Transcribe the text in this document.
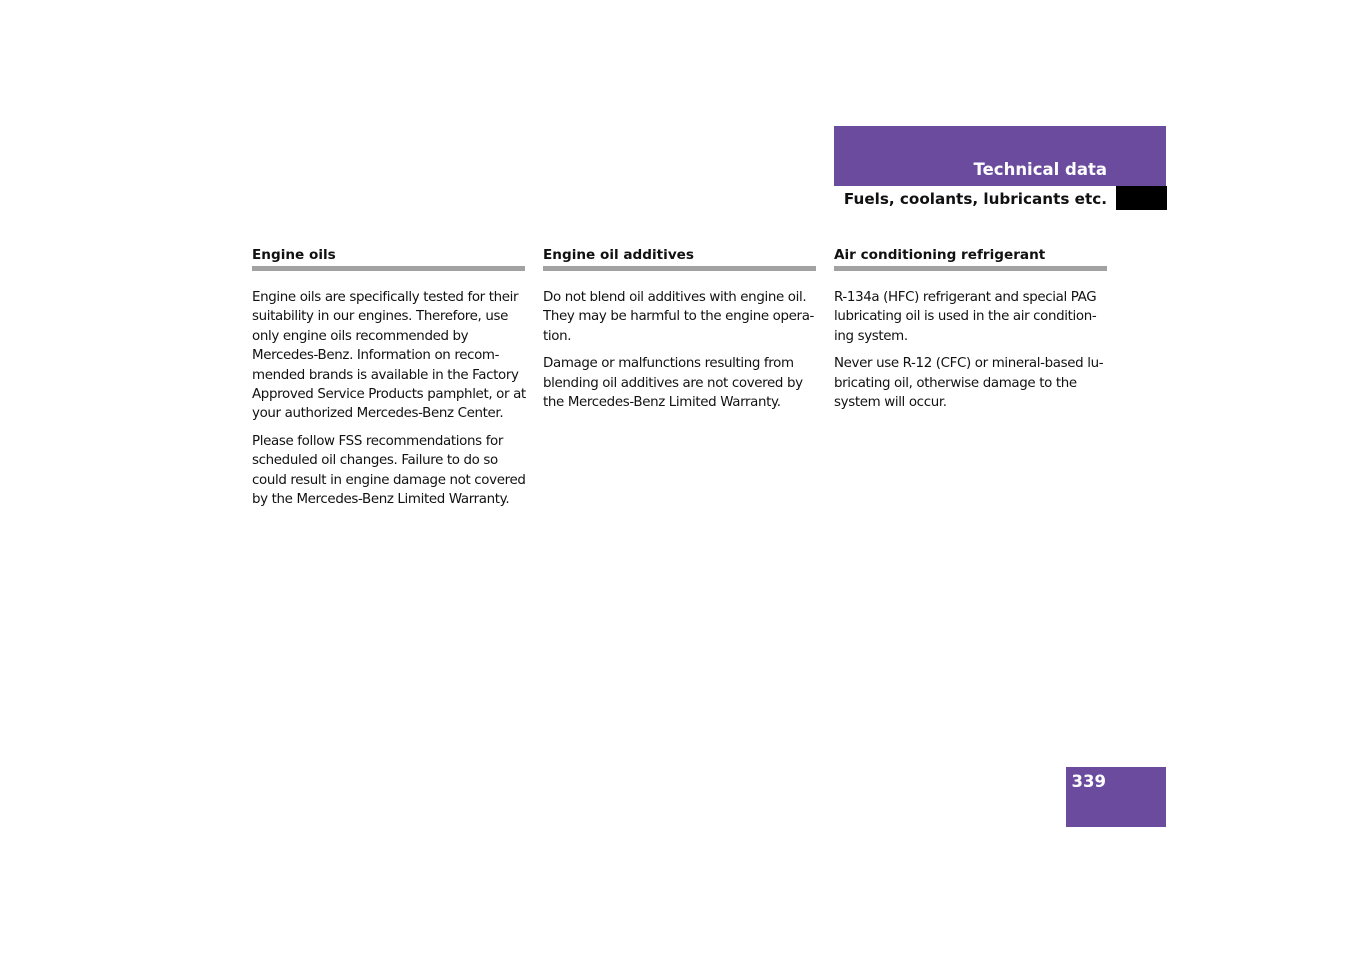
Technical data
Fuels, coolants, lubricants etc.
Engine oils

Engine oils are specifically tested for their
suitability in our engines. Therefore, use
only engine oils recommended by
Mercedes-Benz. Information on recom-
mended brands is available in the Factory
Approved Service Products pamphlet, or at
your authorized Mercedes-Benz Center.

Please follow FSS recommendations for
scheduled oil changes. Failure to do so
could result in engine damage not covered
by the Mercedes-Benz Limited Warranty.

Engine oil additives

Do not blend oil additives with engine oil.
They may be harmful to the engine opera-
tion.

Damage or malfunctions resulting from
blending oil additives are not covered by
the Mercedes-Benz Limited Warranty.

Air conditioning refrigerant

R-134a (HFC) refrigerant and special PAG
lubricating oil is used in the air condition-
ing system.

Never use R-12 (CFC) or mineral-based lu-
bricating oil, otherwise damage to the
system will occur.

339
